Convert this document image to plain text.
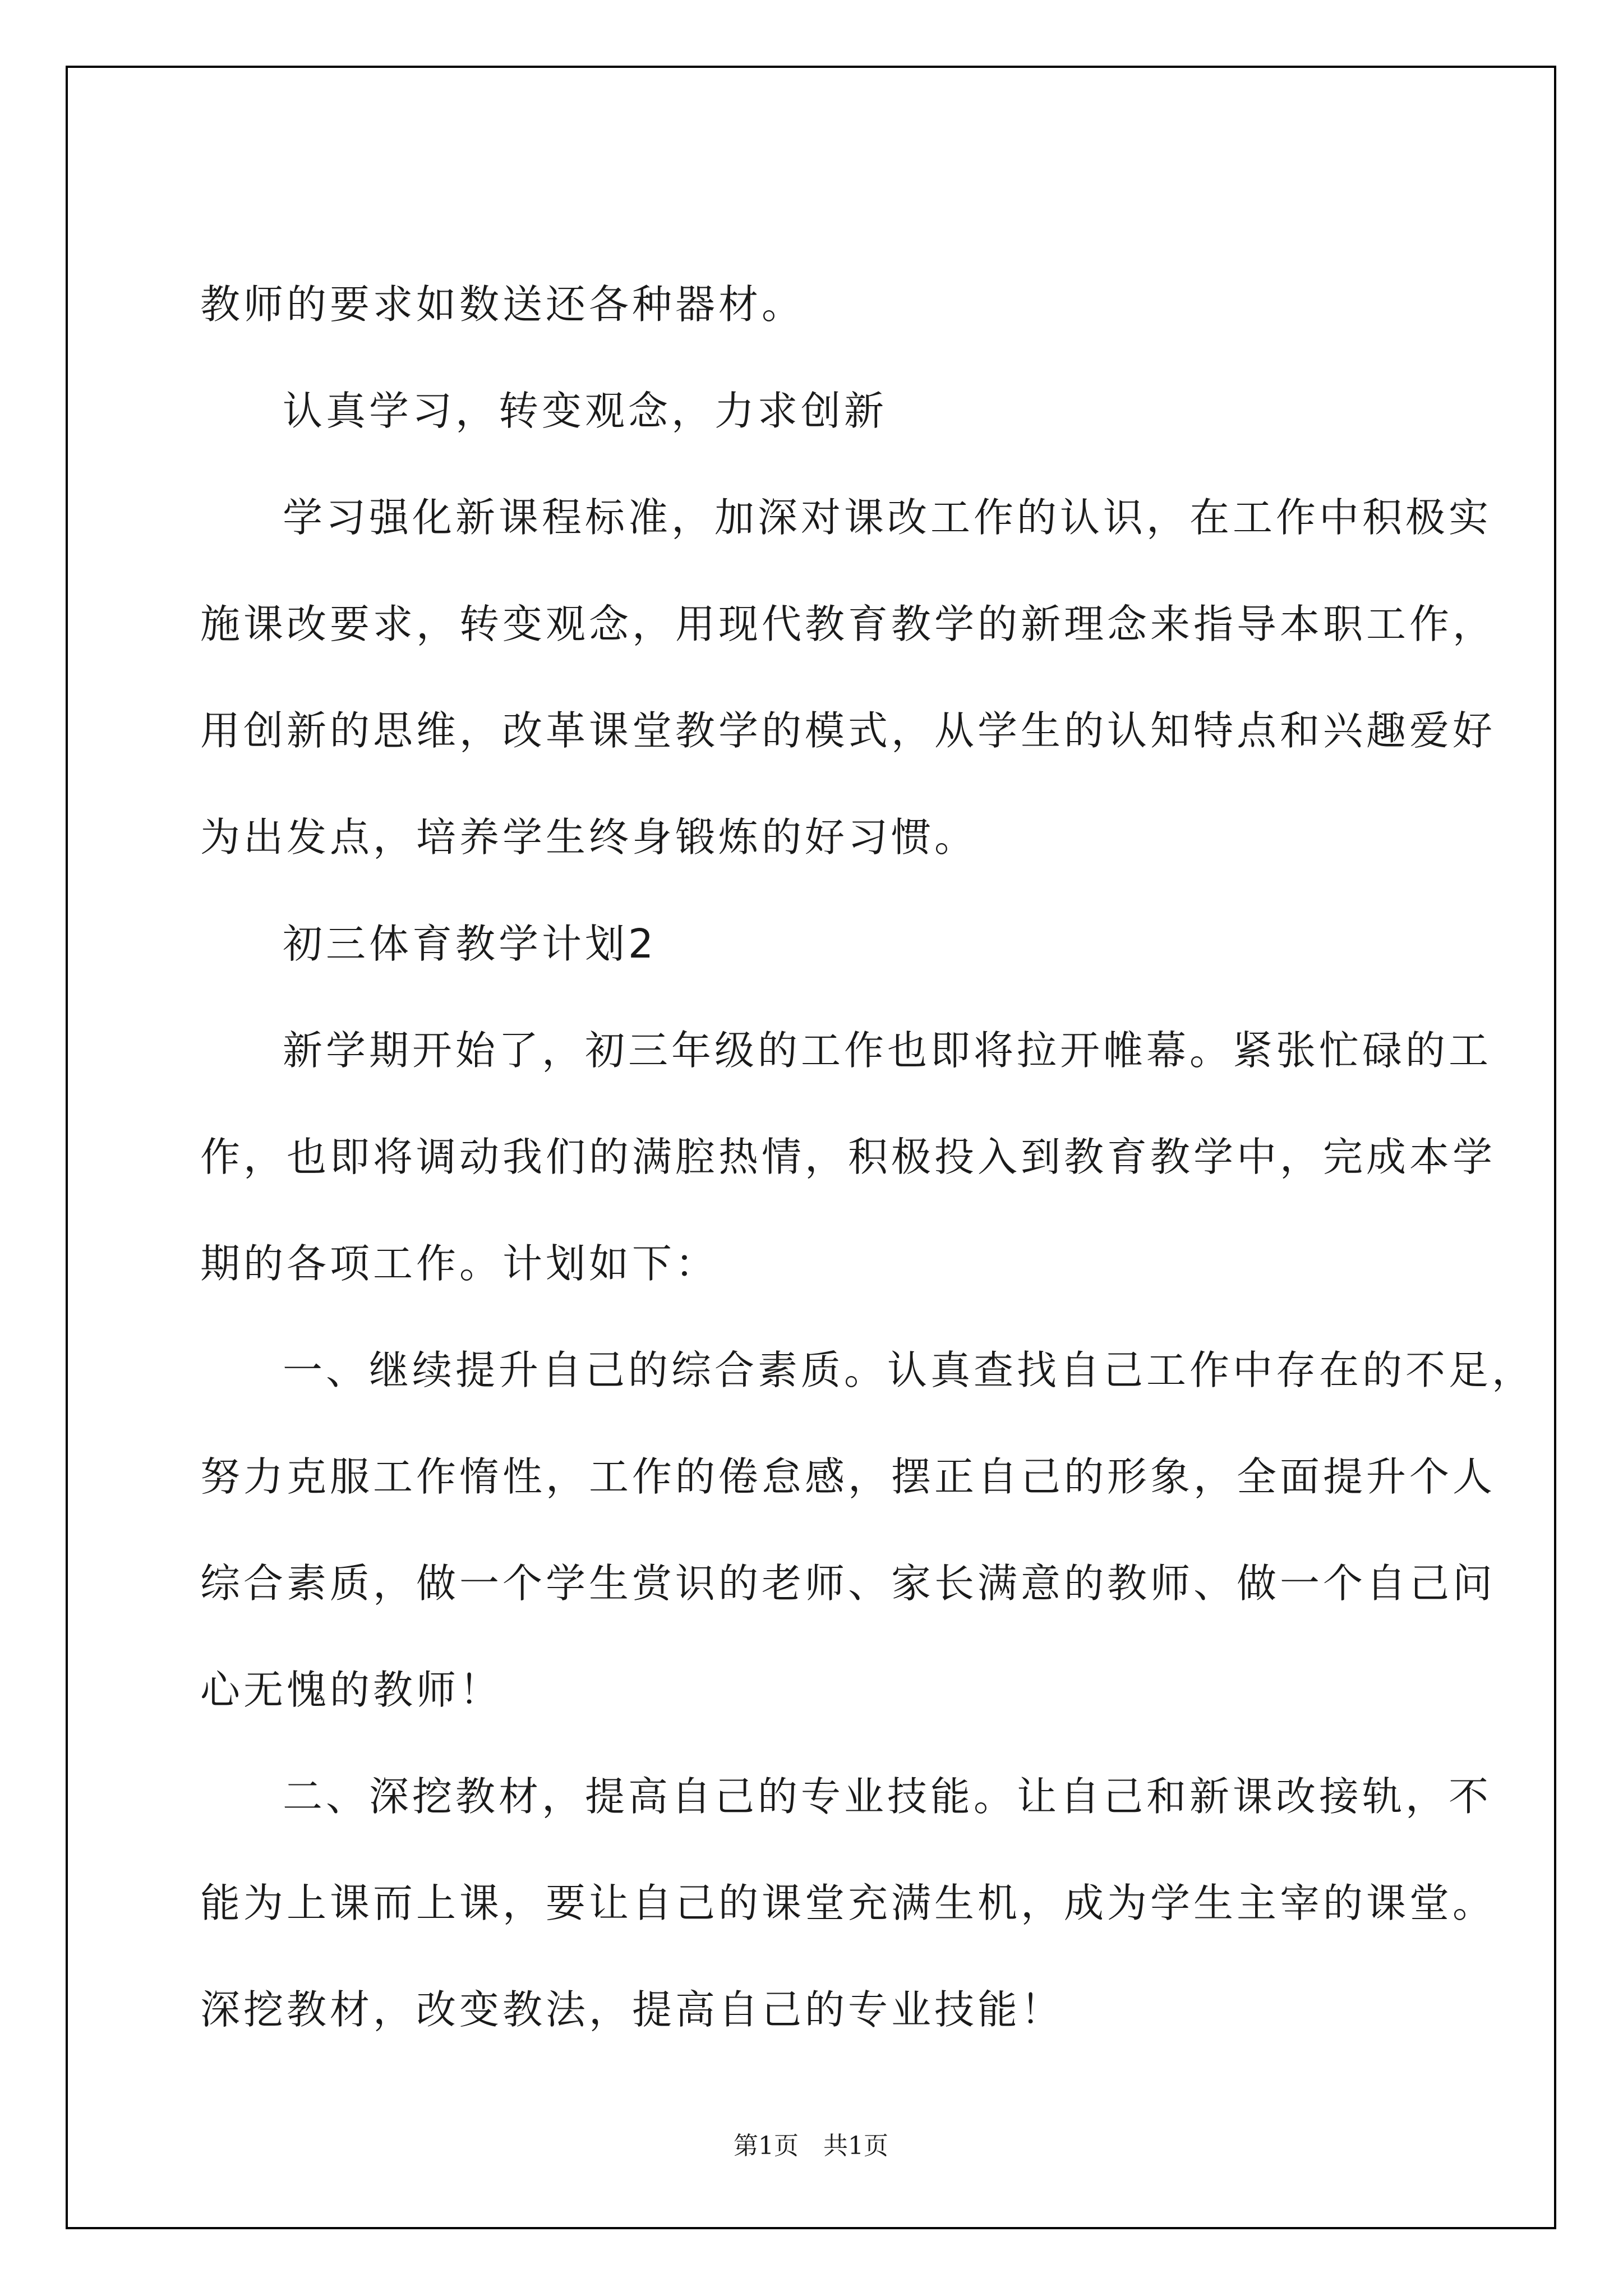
教师的要求如数送还各种器材。
认真学习，转变观念，力求创新
学习强化新课程标准，加深对课改工作的认识，在工作中积极实
施课改要求，转变观念，用现代教育教学的新理念来指导本职工作，
用创新的思维，改革课堂教学的模式，从学生的认知特点和兴趣爱好
为出发点，培养学生终身锻炼的好习惯。
初三体育教学计划2
新学期开始了，初三年级的工作也即将拉开帷幕。紧张忙碌的工
作，也即将调动我们的满腔热情，积极投入到教育教学中，完成本学
期的各项工作。计划如下：
一、继续提升自己的综合素质。认真查找自己工作中存在的不足，
努力克服工作惰性，工作的倦怠感，摆正自己的形象，全面提升个人
综合素质，做一个学生赏识的老师、家长满意的教师、做一个自己问
心无愧的教师！
二、深挖教材，提高自己的专业技能。让自己和新课改接轨，不
能为上课而上课，要让自己的课堂充满生机，成为学生主宰的课堂。
深挖教材，改变教法，提高自己的专业技能！
第1页　共1页
